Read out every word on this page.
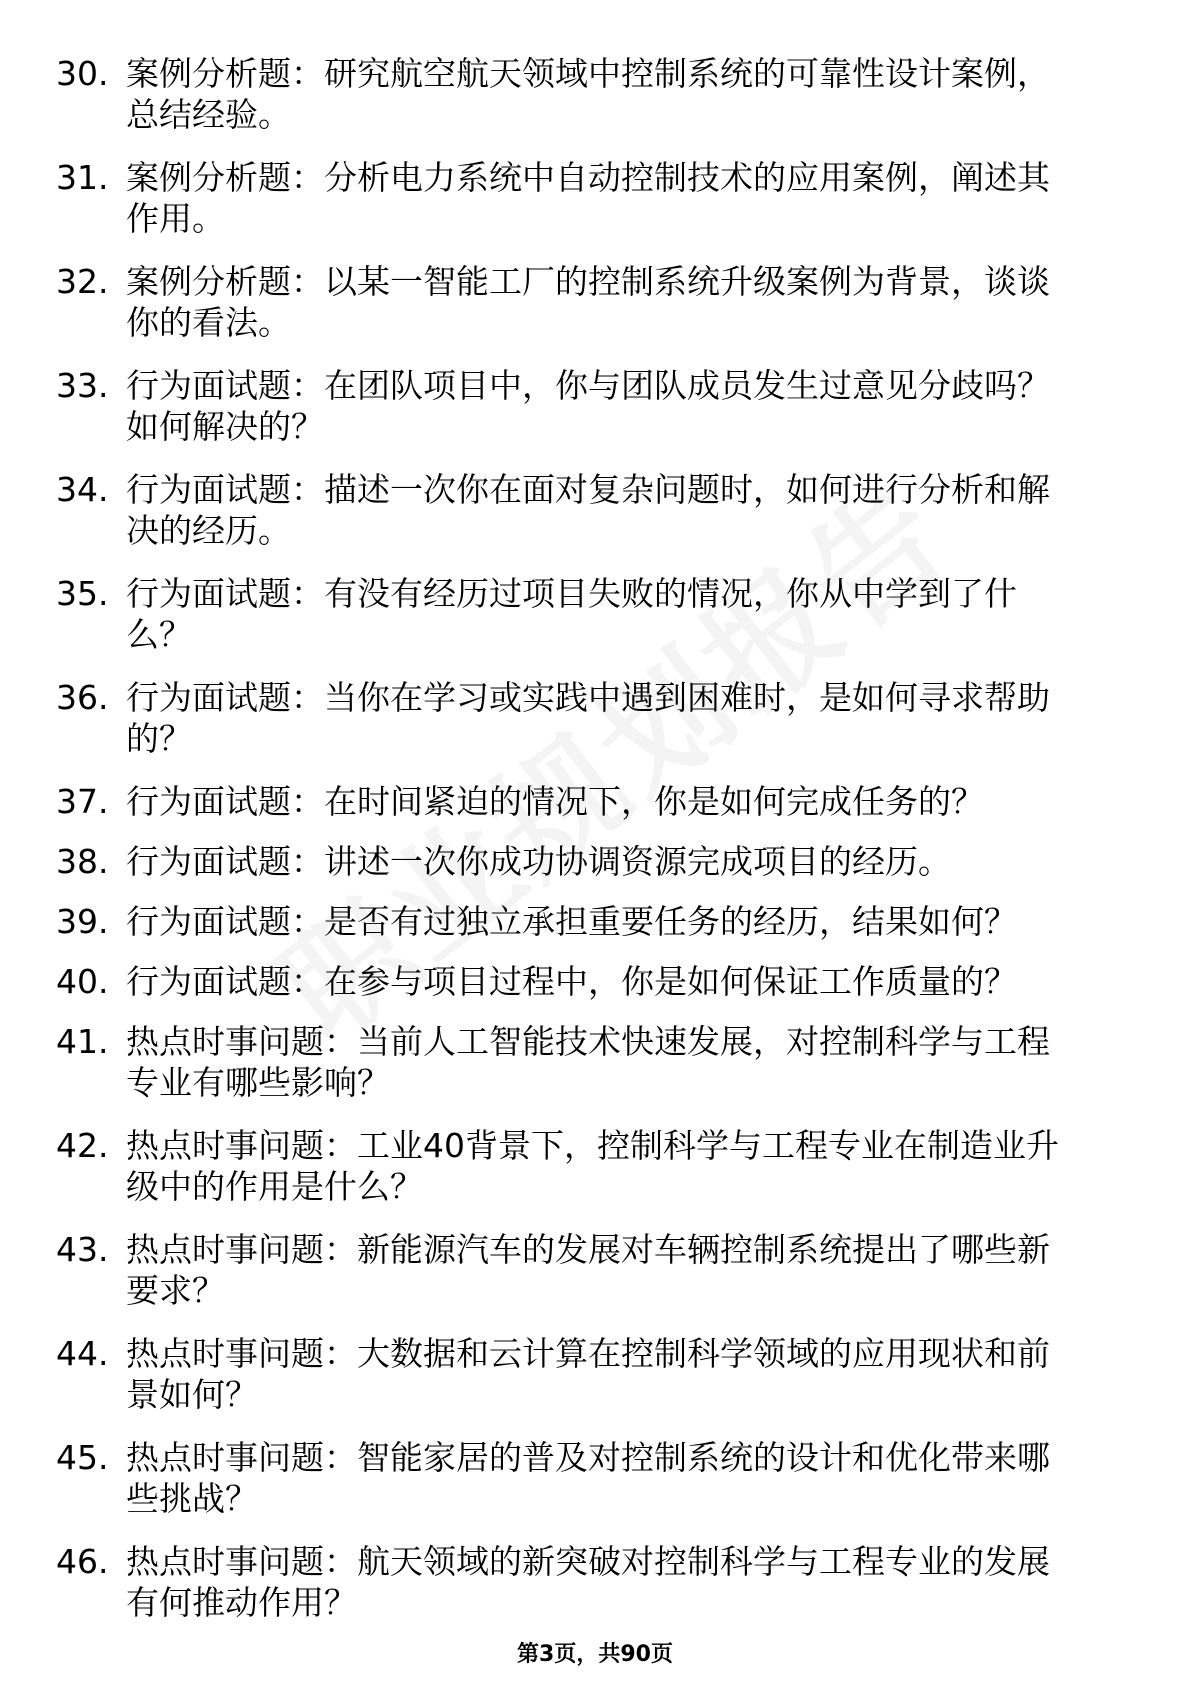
30. 案例分析题：研究航空航天领域中控制系统的可靠性设计案例，
总结经验。
31. 案例分析题：分析电力系统中自动控制技术的应用案例，阐述其
作用。
32. 案例分析题：以某一智能工厂的控制系统升级案例为背景，谈谈
你的看法。
33. 行为面试题：在团队项目中，你与团队成员发生过意见分歧吗？
如何解决的？
34. 行为面试题：描述一次你在面对复杂问题时，如何进行分析和解
决的经历。
35. 行为面试题：有没有经历过项目失败的情况，你从中学到了什
么？
36. 行为面试题：当你在学习或实践中遇到困难时，是如何寻求帮助
的？
37. 行为面试题：在时间紧迫的情况下，你是如何完成任务的？
38. 行为面试题：讲述一次你成功协调资源完成项目的经历。
39. 行为面试题：是否有过独立承担重要任务的经历，结果如何？
40. 行为面试题：在参与项目过程中，你是如何保证工作质量的？
41. 热点时事问题：当前人工智能技术快速发展，对控制科学与工程
专业有哪些影响？
42. 热点时事问题：工业40背景下，控制科学与工程专业在制造业升
级中的作用是什么？
43. 热点时事问题：新能源汽车的发展对车辆控制系统提出了哪些新
要求？
44. 热点时事问题：大数据和云计算在控制科学领域的应用现状和前
景如何？
45. 热点时事问题：智能家居的普及对控制系统的设计和优化带来哪
些挑战？
46. 热点时事问题：航天领域的新突破对控制科学与工程专业的发展
有何推动作用？
第3页，共90页
